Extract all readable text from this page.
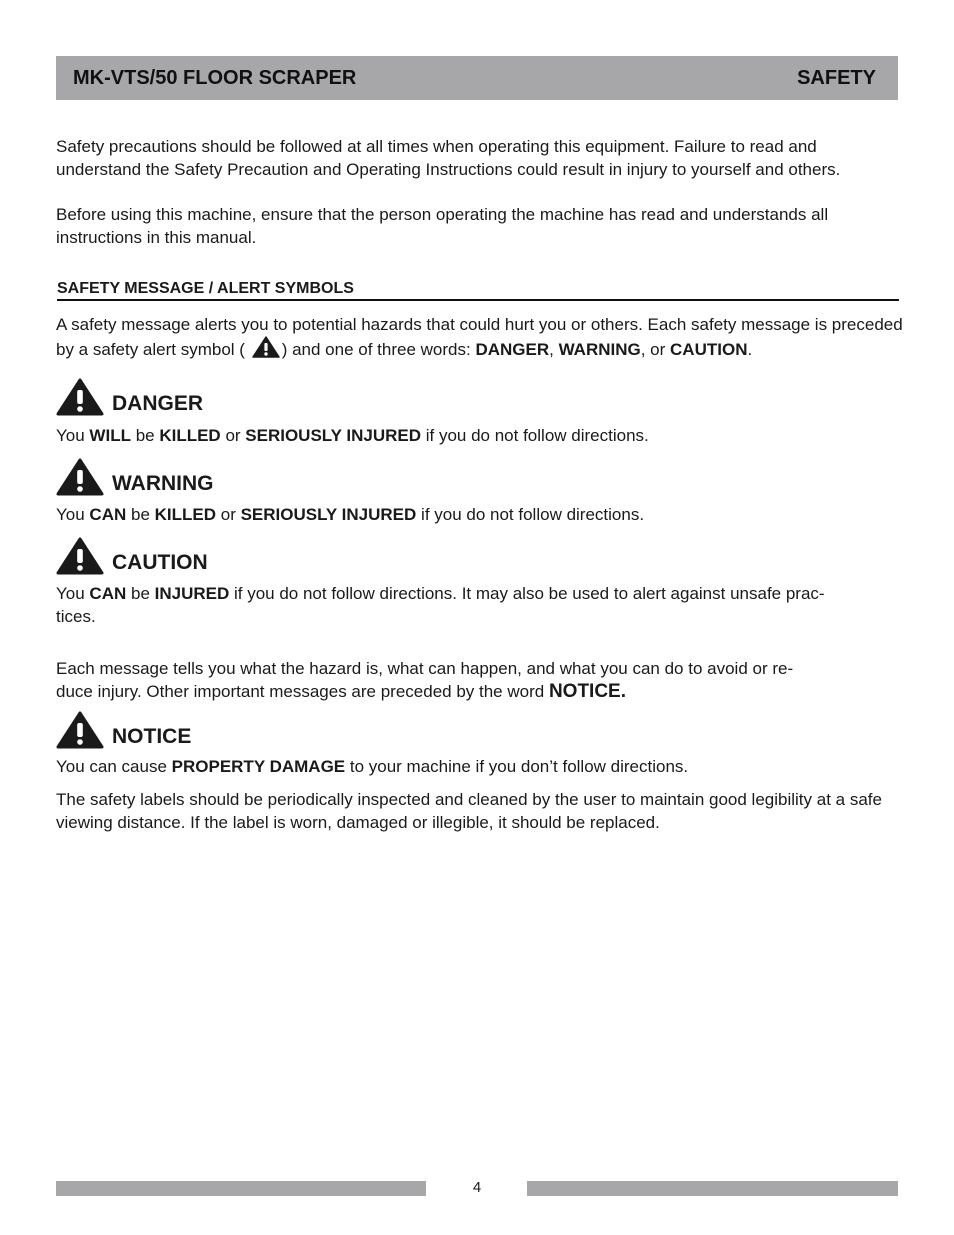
MK-VTS/50 FLOOR SCRAPER	SAFETY

Safety precautions should be followed at all times when operating this equipment. Failure to read and understand the Safety Precaution and Operating Instructions could result in injury to yourself and others.

Before using this machine, ensure that the person operating the machine has read and understands all instructions in this manual.

SAFETY MESSAGE / ALERT SYMBOLS

A safety message alerts you to potential hazards that could hurt you or others. Each safety message is preceded by a safety alert symbol ( ) and one of three words: DANGER, WARNING, or CAUTION.

DANGER

You WILL be KILLED or SERIOUSLY INJURED if you do not follow directions.

WARNING

You CAN be KILLED or SERIOUSLY INJURED if you do not follow directions.

CAUTION

You CAN be INJURED if you do not follow directions. It may also be used to alert against unsafe prac-
tices.

Each message tells you what the hazard is, what can happen, and what you can do to avoid or re-
duce injury. Other important messages are preceded by the word NOTICE.

NOTICE

You can cause PROPERTY DAMAGE to your machine if you don’t follow directions.

The safety labels should be periodically inspected and cleaned by the user to maintain good legibility at a safe viewing distance. If the label is worn, damaged or illegible, it should be replaced.

4
